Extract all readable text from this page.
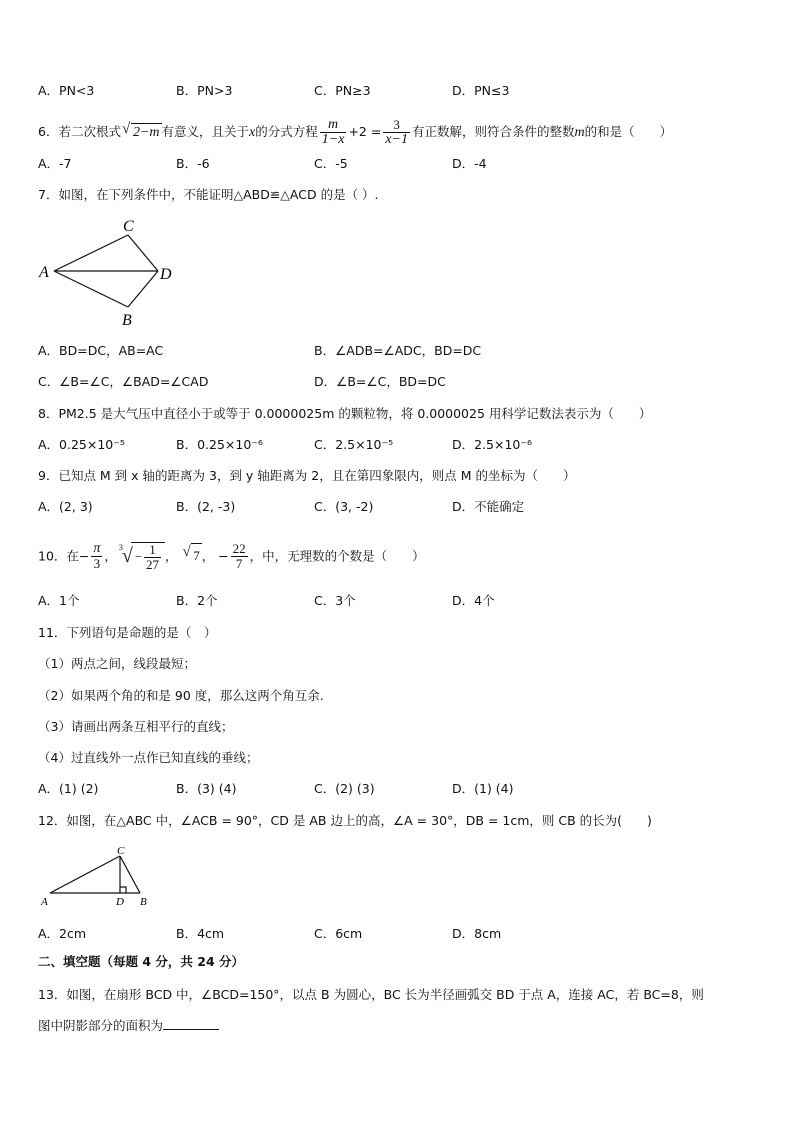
A．PN<3	B．PN>3	C．PN≥3	D．PN≤3
6．若二次根式 √ 2−m 有意义，且关于x的分式方程 $\frac{m}{1-x} +2 = \frac{3}{x-1}$ 有正数解，则符合条件的整数m的和是（　　）
A．-7	B．-6	C．-5	D．-4
7．如图，在下列条件中，不能证明△ABD≌△ACD 的是（ ）.
C
A	D
B
A．BD=DC，AB=AC	B．∠ADB=∠ADC，BD=DC
C．∠B=∠C，∠BAD=∠CAD	D．∠B=∠C，BD=DC
8．PM2.5 是大气压中直径小于或等于 0.0000025m 的颗粒物，将 0.0000025 用科学记数法表示为（　　）
A．0.25×10⁻⁵	B．0.25×10⁻⁶	C．2.5×10⁻⁵	D．2.5×10⁻⁶
9．已知点 M 到 x 轴的距离为 3，到 y 轴距离为 2，且在第四象限内，则点 M 的坐标为（　　）
A．(2, 3)	B．(2, -3)	C．(3, -2)	D．不能确定
10．在− $\frac{\pi}{3}$ ，
3 √ − $\frac{1}{27}$ ， √ 7 ， − $\frac{22}{7}$ ，中，无理数的个数是（　　）
A．1个	B．2个	C．3个	D．4个
11．下列语句是命题的是（　）
（1）两点之间，线段最短；
（2）如果两个角的和是 90 度，那么这两个角互余.
（3）请画出两条互相平行的直线；
（4）过直线外一点作已知直线的垂线；
A．(1) (2)	B．(3) (4)	C．(2) (3)	D．(1) (4)
12．如图，在△ABC 中，∠ACB = 90°，CD 是 AB 边上的高，∠A = 30°，DB = 1cm，则 CB 的长为(　　)
C
A	D B
A．2cm	B．4cm	C．6cm	D．8cm
二、填空题（每题 4 分，共 24 分）
13．如图，在扇形 BCD 中，∠BCD=150°，以点 B 为圆心，BC 长为半径画弧交 BD 于点 A，连接 AC，若 BC=8，则
图中阴影部分的面积为
